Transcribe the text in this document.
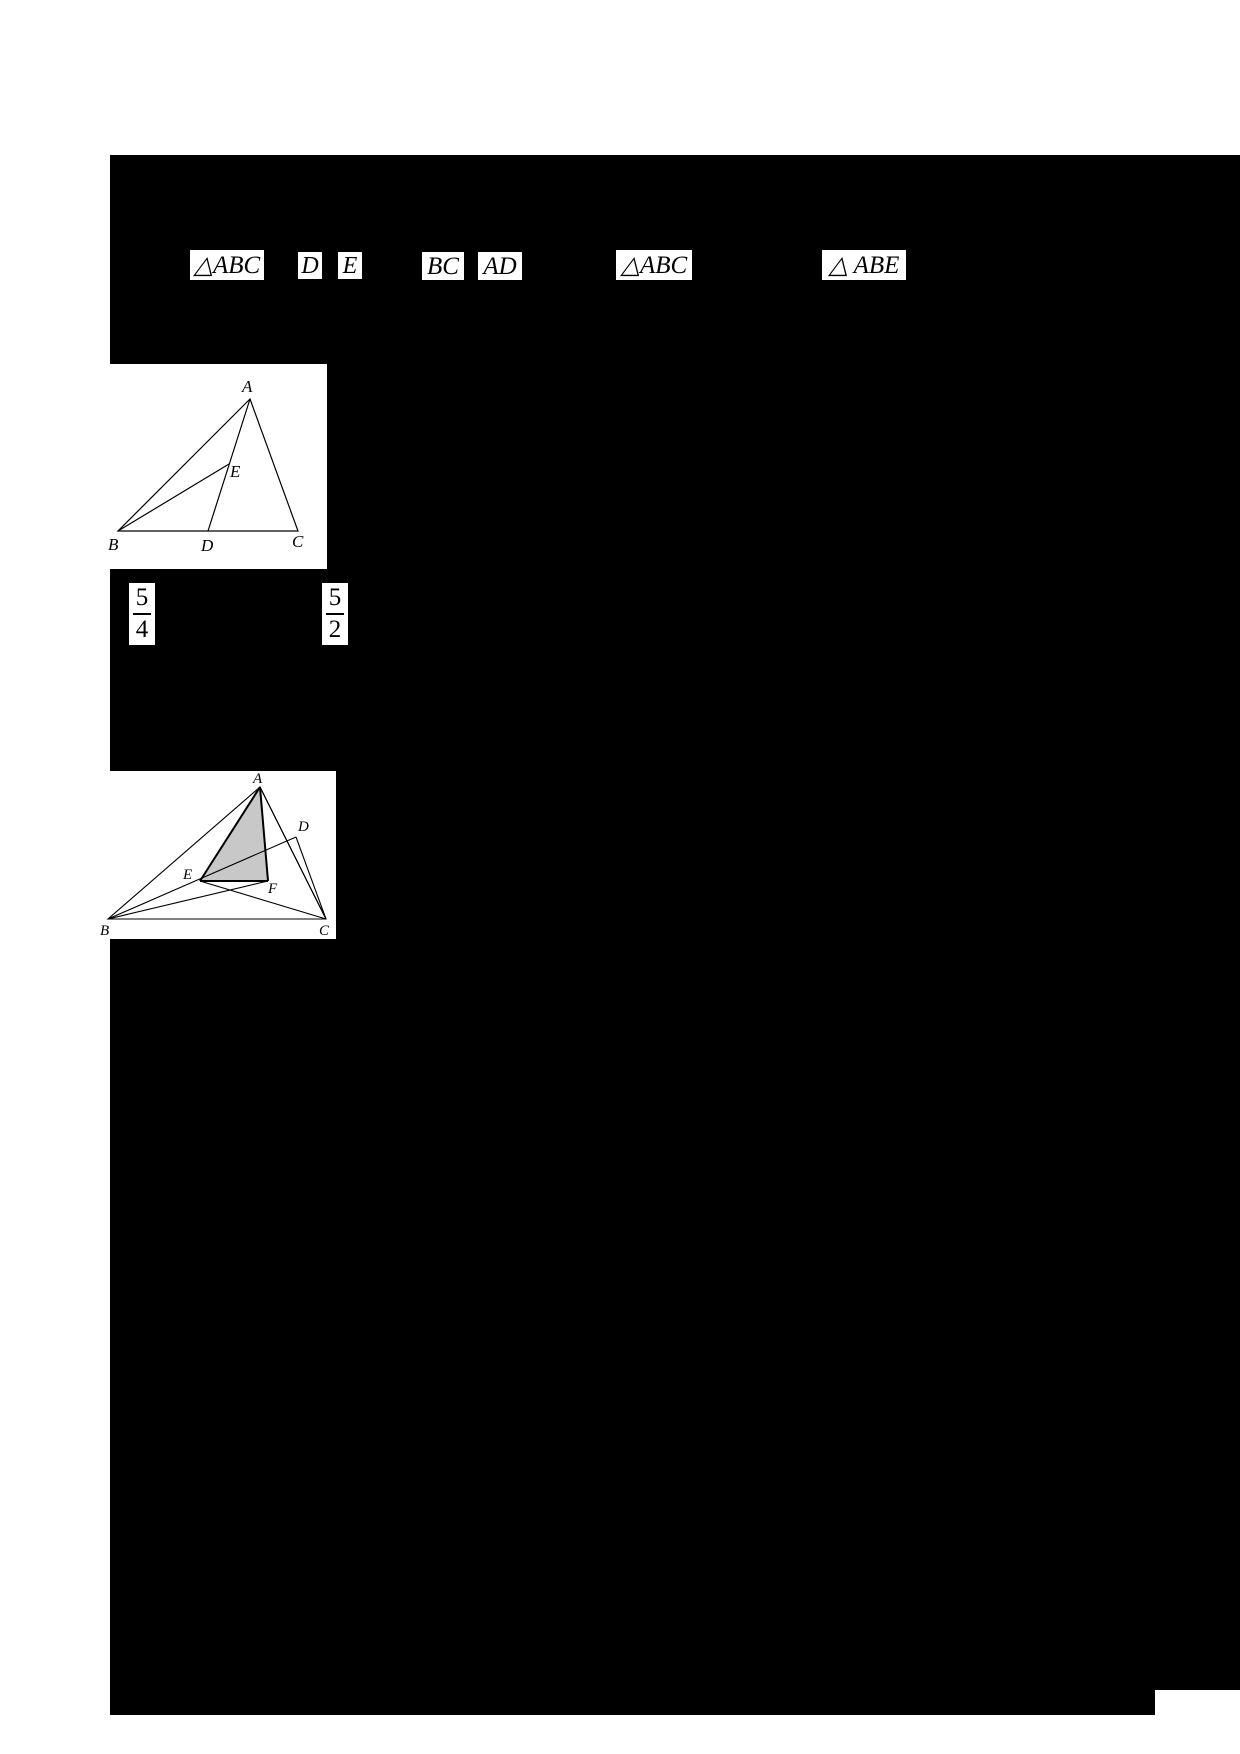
△ABC D E	BC AD	△ABC	△ ABE
5
4
5
2
A
E
B	D	C
A
D
E
F
B	C
